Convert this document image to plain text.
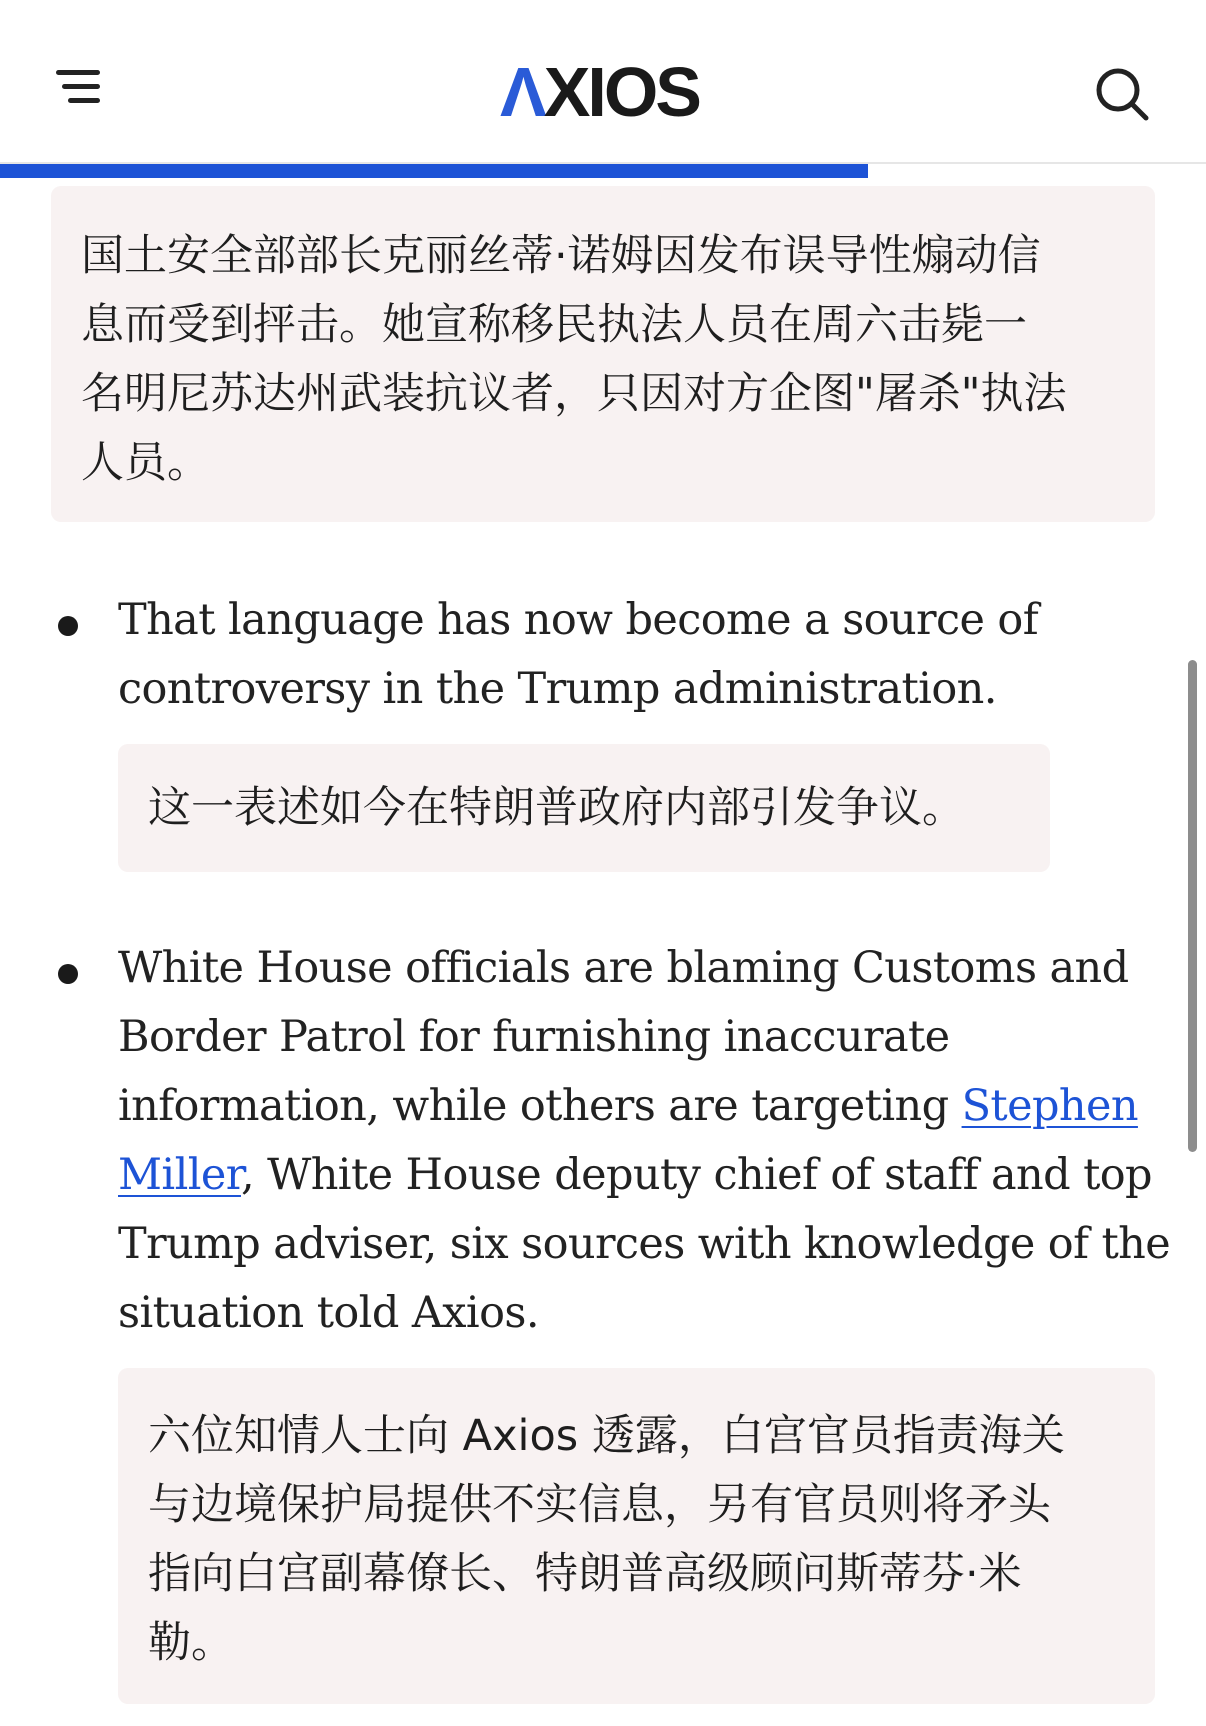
ΛXIOS
国土安全部部长克丽丝蒂·诺姆因发布误导性煽动信
息而受到抨击。她宣称移民执法人员在周六击毙一
名明尼苏达州武装抗议者，只因对方企图"屠杀"执法
人员。
That language has now become a source of
controversy in the Trump administration.
这一表述如今在特朗普政府内部引发争议。
White House officials are blaming Customs and
Border Patrol for furnishing inaccurate
information, while others are targeting Stephen
Miller, White House deputy chief of staff and top
Trump adviser, six sources with knowledge of the
situation told Axios.
六位知情人士向 Axios 透露，白宫官员指责海关
与边境保护局提供不实信息，另有官员则将矛头
指向白宫副幕僚长、特朗普高级顾问斯蒂芬·米
勒。
